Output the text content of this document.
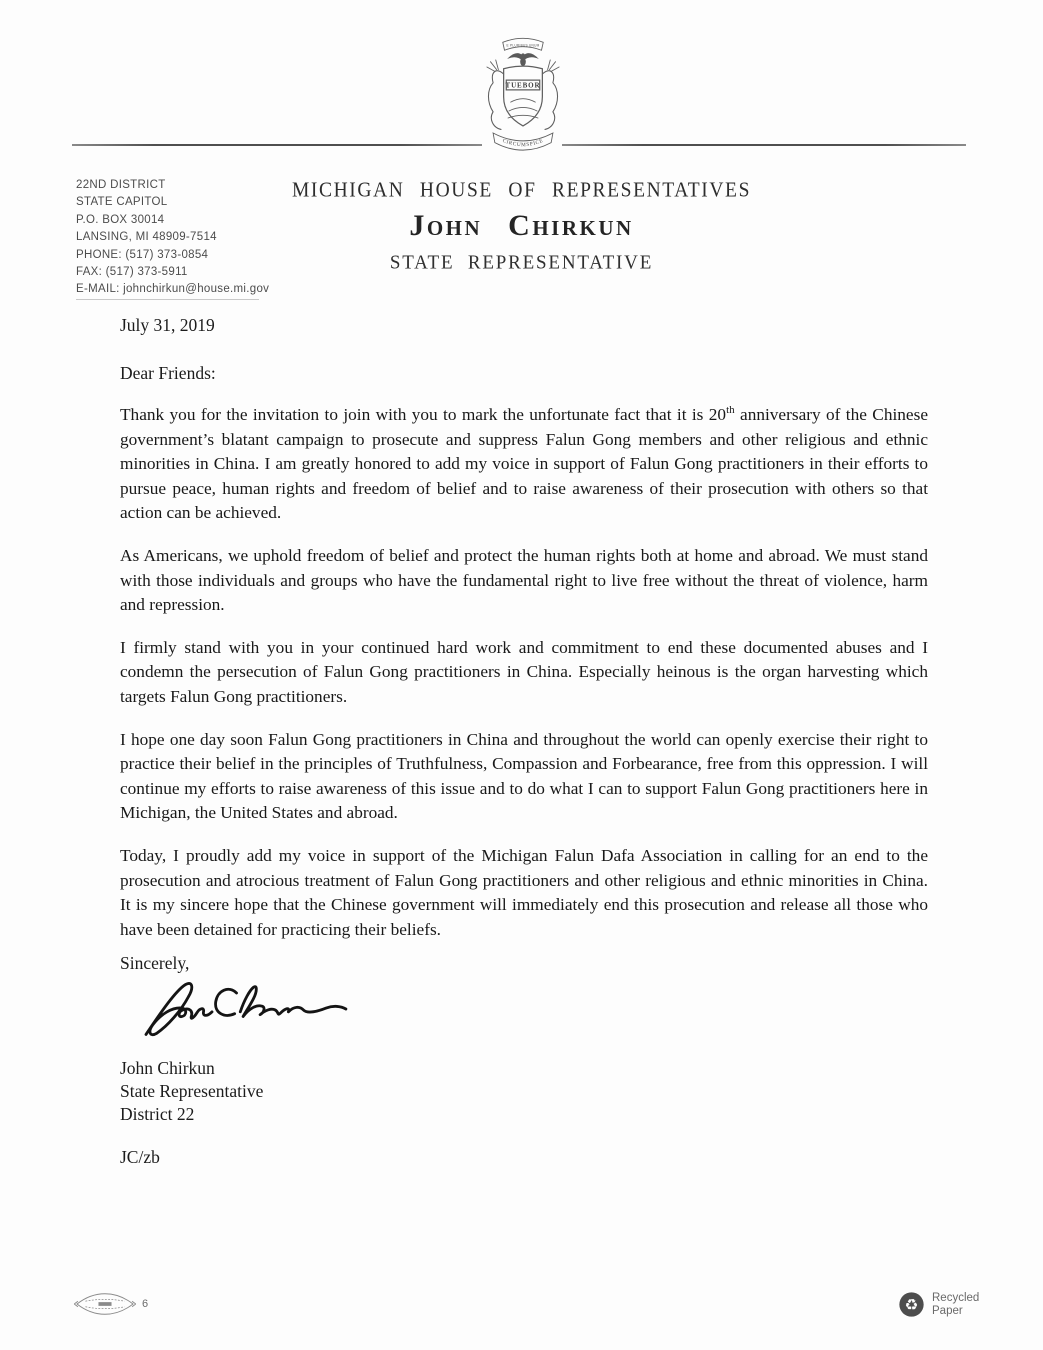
E PLURIBUS UNUM
TUEBOR
CIRCUMSPICE
22ND DISTRICT
STATE CAPITOL
P.O. BOX 30014
LANSING, MI 48909-7514
PHONE: (517) 373-0854
FAX: (517) 373-5911
E-MAIL: johnchirkun@house.mi.gov
MICHIGAN HOUSE OF REPRESENTATIVES
John Chirkun
STATE REPRESENTATIVE
July 31, 2019
Dear Friends:

Thank you for the invitation to join with you to mark the unfortunate fact that it is 20th anniversary of the Chinese government’s blatant campaign to prosecute and suppress Falun Gong members and other religious and ethnic minorities in China. I am greatly honored to add my voice in support of Falun Gong practitioners in their efforts to pursue peace, human rights and freedom of belief and to raise awareness of their prosecution with others so that action can be achieved.

As Americans, we uphold freedom of belief and protect the human rights both at home and abroad. We must stand with those individuals and groups who have the fundamental right to live free without the threat of violence, harm and repression.

I firmly stand with you in your continued hard work and commitment to end these documented abuses and I condemn the persecution of Falun Gong practitioners in China. Especially heinous is the organ harvesting which targets Falun Gong practitioners.

I hope one day soon Falun Gong practitioners in China and throughout the world can openly exercise their right to practice their belief in the principles of Truthfulness, Compassion and Forbearance, free from this oppression. I will continue my efforts to raise awareness of this issue and to do what I can to support Falun Gong practitioners here in Michigan, the United States and abroad.

Today, I proudly add my voice in support of the Michigan Falun Dafa Association in calling for an end to the prosecution and atrocious treatment of Falun Gong practitioners and other religious and ethnic minorities in China. It is my sincere hope that the Chinese government will immediately end this prosecution and release all those who have been detained for practicing their beliefs.

Sincerely,
John Chirkun
State Representative
District 22
JC/zb
6	♻ Recycled
Paper
